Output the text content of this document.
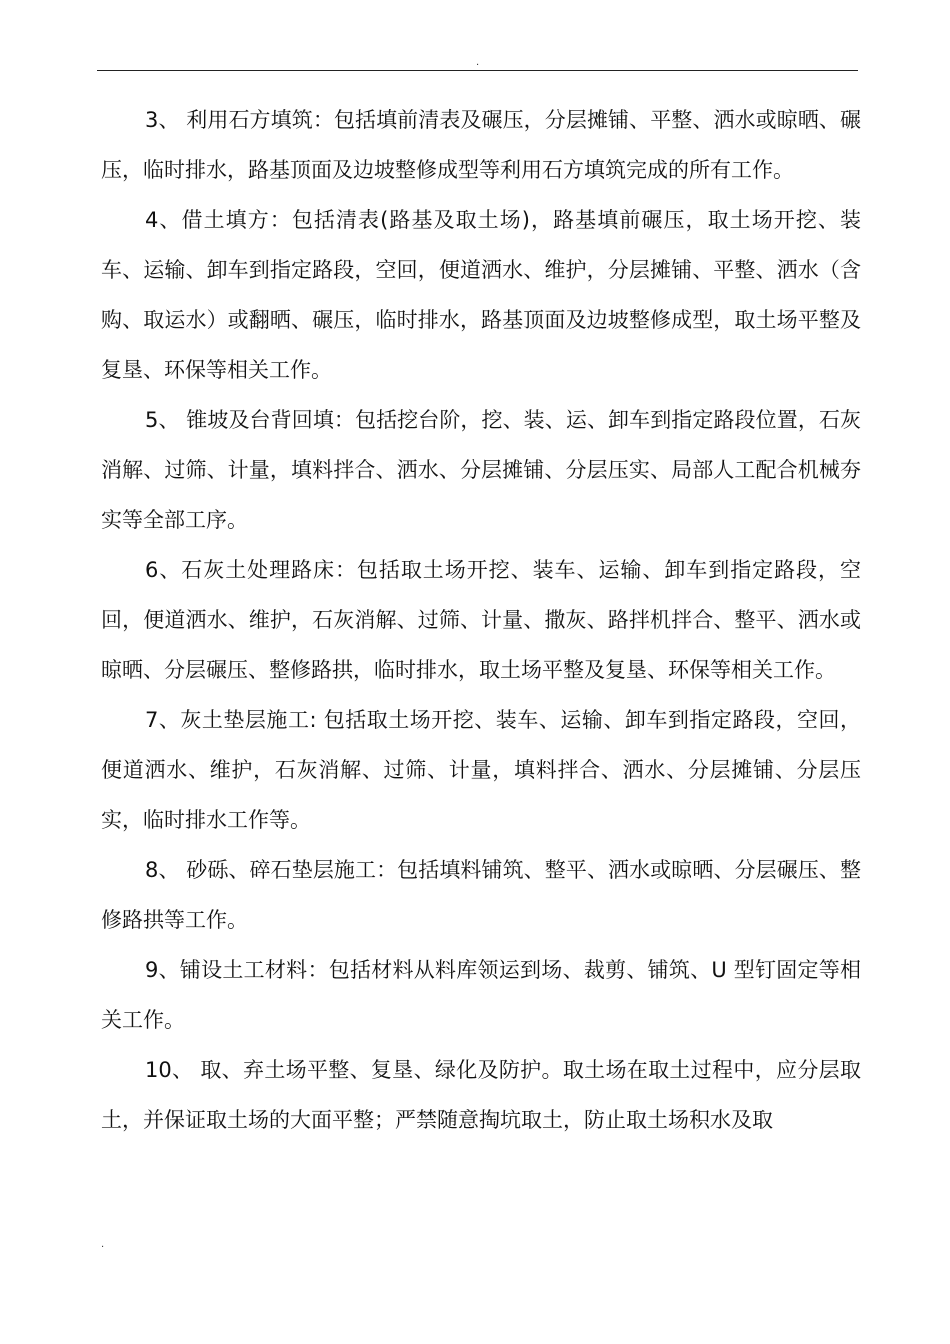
.

3、 利用石方填筑：包括填前清表及碾压，分层摊铺、平整、洒水或晾晒、碾压，临时排水，路基顶面及边坡整修成型等利用石方填筑完成的所有工作。

4、借土填方：包括清表(路基及取土场)，路基填前碾压，取土场开挖、装车、运输、卸车到指定路段，空回，便道洒水、维护，分层摊铺、平整、洒水（含购、取运水）或翻晒、碾压，临时排水，路基顶面及边坡整修成型，取土场平整及复垦、环保等相关工作。

5、 锥坡及台背回填：包括挖台阶，挖、装、运、卸车到指定路段位置，石灰消解、过筛、计量，填料拌合、洒水、分层摊铺、分层压实、局部人工配合机械夯实等全部工序。

6、石灰土处理路床：包括取土场开挖、装车、运输、卸车到指定路段，空回，便道洒水、维护，石灰消解、过筛、计量、撒灰、路拌机拌合、整平、洒水或晾晒、分层碾压、整修路拱，临时排水，取土场平整及复垦、环保等相关工作。

7、灰土垫层施工: 包括取土场开挖、装车、运输、卸车到指定路段，空回，便道洒水、维护，石灰消解、过筛、计量，填料拌合、洒水、分层摊铺、分层压实，临时排水工作等。

8、 砂砾、碎石垫层施工：包括填料铺筑、整平、洒水或晾晒、分层碾压、整修路拱等工作。

9、铺设土工材料：包括材料从料库领运到场、裁剪、铺筑、U 型钉固定等相关工作。

10、 取、弃土场平整、复垦、绿化及防护。取土场在取土过程中，应分层取土，并保证取土场的大面平整；严禁随意掏坑取土，防止取土场积水及取

.
